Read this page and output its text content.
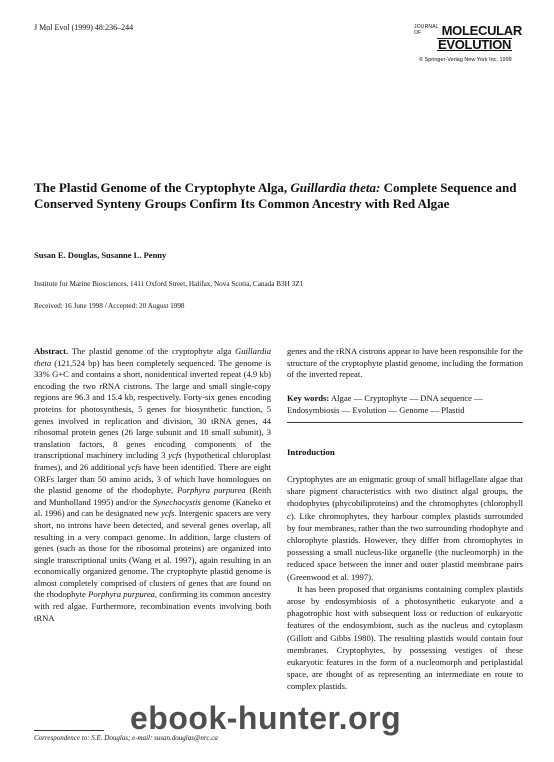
J Mol Evol (1999) 48:236–244	JOURNAL OF	MOLECULAR
EVOLUTION
© Springer-Verlag New York Inc. 1999
The Plastid Genome of the Cryptophyte Alga, Guillardia theta: Complete Sequence and Conserved Synteny Groups Confirm Its Common Ancestry with Red Algae
Susan E. Douglas, Susanne L. Penny
Institute for Marine Biosciences, 1411 Oxford Street, Halifax, Nova Scotia, Canada B3H 3Z1
Received: 16 June 1998 / Accepted: 20 August 1998

Abstract. The plastid genome of the cryptophyte alga Guillardia theta (121,524 bp) has been completely sequenced. The genome is 33% G+C and contains a short, nonidentical inverted repeat (4.9 kb) encoding the two rRNA cistrons. The large and small single-copy regions are 96.3 and 15.4 kb, respectively. Forty-six genes encoding proteins for photosynthesis, 5 genes for biosynthetic function, 5 genes involved in replication and division, 30 tRNA genes, 44 ribosomal protein genes (26 large subunit and 18 small subunit), 3 translation factors, 8 genes encoding components of the transcriptional machinery including 3 ycfs (hypothetical chloroplast frames), and 26 additional ycfs have been identified. There are eight ORFs larger than 50 amino acids, 3 of which have homologues on the plastid genome of the rhodophyte, Porphyra purpurea (Reith and Munholland 1995) and/or the Synechocystis genome (Kaneko et al. 1996) and can be designated new ycfs. Intergenic spacers are very short, no introns have been detected, and several genes overlap, all resulting in a very compact genome. In addition, large clusters of genes (such as those for the ribosomal proteins) are organized into single transcriptional units (Wang et al. 1997), again resulting in an economically organized genome. The cryptophyte plastid genome is almost completely comprised of clusters of genes that are found on the rhodophyte Porphyra purpurea, confirming its common ancestry with red algae. Furthermore, recombination events involving both tRNA

genes and the rRNA cistrons appear to have been responsible for the structure of the cryptophyte plastid genome, including the formation of the inverted repeat.

Key words: Algae — Cryptophyte — DNA sequence — Endosymbiosis — Evolution — Genome — Plastid
Introduction

Cryptophytes are an enigmatic group of small biflagellate algae that share pigment characteristics with two distinct algal groups, the rhodophytes (phycobiliproteins) and the chromophytes (chlorophyll c). Like chromophytes, they harbour complex plastids surrounded by four membranes, rather than the two surrounding rhodophyte and chlorophyte plastids. However, they differ from chromophytes in possessing a small nucleus-like organelle (the nucleomorph) in the reduced space between the inner and outer plastid membrane pairs (Greenwood et al. 1997).

It has been proposed that organisms containing complex plastids arose by endosymbiosis of a photosynthetic eukaryote and a phagotrophic host with subsequent loss or reduction of eukaryotic features of the endosymbiont, such as the nucleus and cytoplasm (Gillott and Gibbs 1980). The resulting plastids would contain four membranes. Cryptophytes, by possessing vestiges of these eukaryotic features in the form of a nucleomorph and periplastidal space, are thought of as representing an intermediate en route to complex plastids.

Correspondence to: S.E. Douglas; e-mail: susan.douglas@nrc.ca
ebook-hunter.org
